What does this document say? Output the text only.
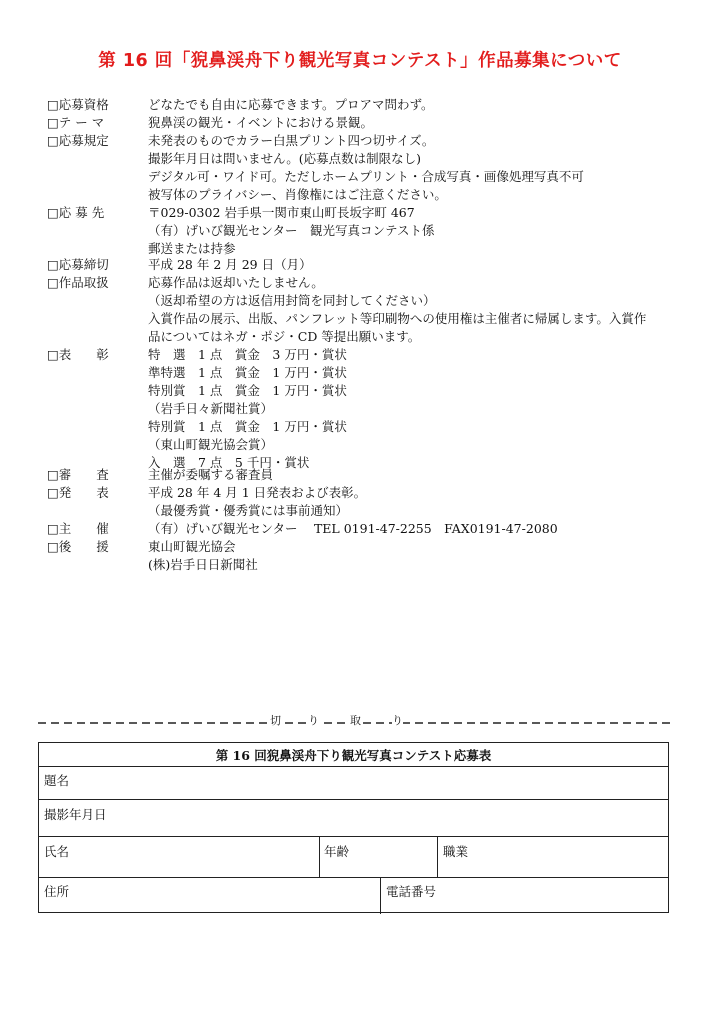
第 16 回「猊鼻渓舟下り観光写真コンテスト」作品募集について
□応募資格	どなたでも自由に応募できます。プロアマ問わず。
□テ ー マ	猊鼻渓の観光・イベントにおける景観。
□応募規定	未発表のものでカラー白黒プリント四つ切サイズ。
撮影年月日は問いません。(応募点数は制限なし)
デジタル可・ワイド可。ただしホームプリント・合成写真・画像処理写真不可
被写体のプライバシー、肖像権にはご注意ください。
□応 募 先	〒029-0302 岩手県一関市東山町長坂字町 467
（有）げいび観光センター　観光写真コンテスト係
郵送または持参
□応募締切	平成 28 年 2 月 29 日（月）
□作品取扱	応募作品は返却いたしません。
（返却希望の方は返信用封筒を同封してください）
入賞作品の展示、出版、パンフレット等印刷物への使用権は主催者に帰属します。入賞作
品についてはネガ・ポジ・CD 等提出願います。
□表　　彰	特　選　1 点　賞金　3 万円・賞状
準特選　1 点　賞金　1 万円・賞状
特別賞　1 点　賞金　1 万円・賞状
（岩手日々新聞社賞）
特別賞　1 点　賞金　1 万円・賞状
（東山町観光協会賞）
入　選　7 点　5 千円・賞状
□審　　査	主催が委嘱する審査員
□発　　表	平成 28 年 4 月 1 日発表および表彰。
（最優秀賞・優秀賞には事前通知）
□主　　催	（有）げいび観光センター　 TEL 0191-47-2255　FAX0191-47-2080
□後　　援	東山町観光協会
(株)岩手日日新聞社
切 り	取	り
第 16 回猊鼻渓舟下り観光写真コンテスト応募表
題名
撮影年月日
氏名	年齢	職業
住所	電話番号
